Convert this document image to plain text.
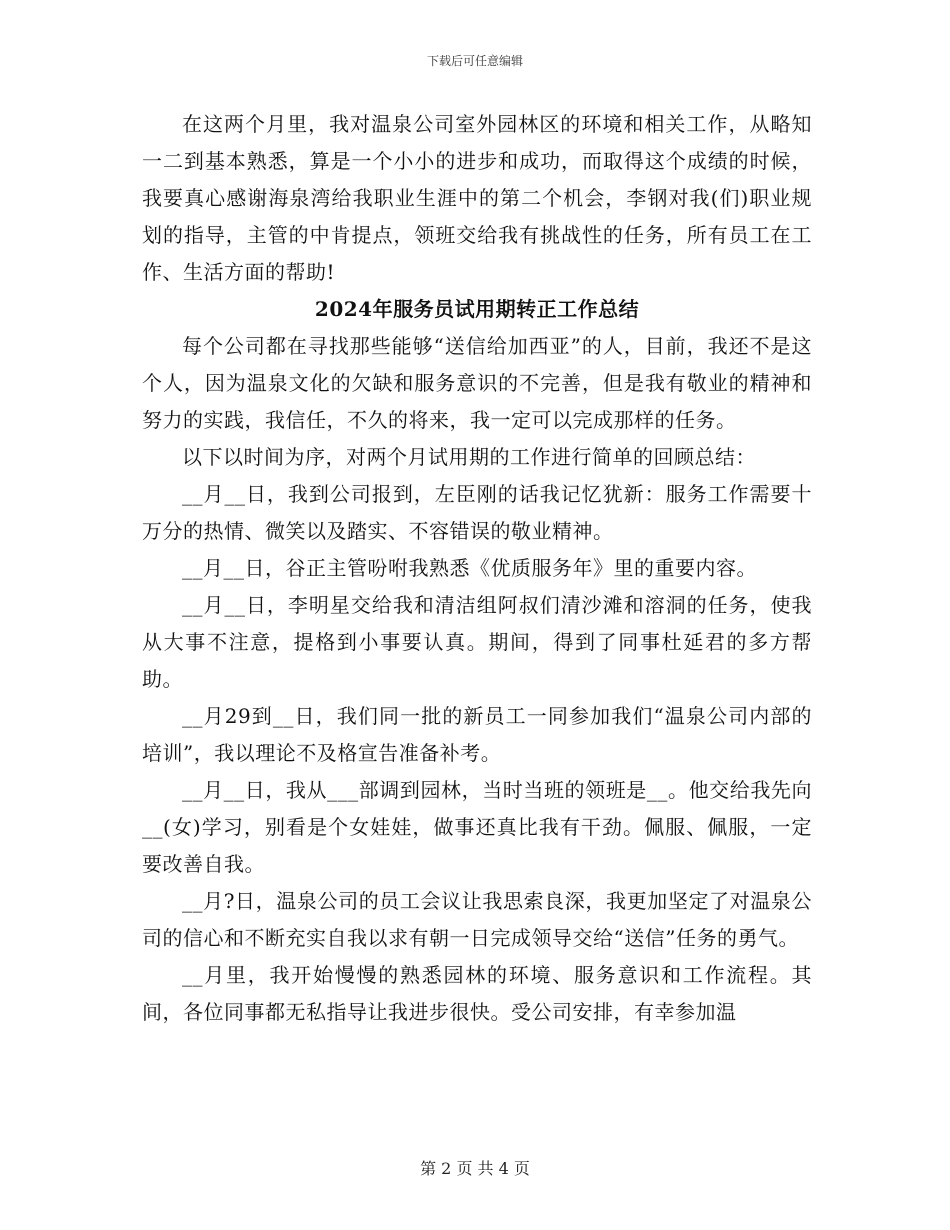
下载后可任意编辑

在这两个月里，我对温泉公司室外园林区的环境和相关工作，从略知一二到基本熟悉，算是一个小小的进步和成功，而取得这个成绩的时候，我要真心感谢海泉湾给我职业生涯中的第二个机会，李钢对我(们)职业规划的指导，主管的中肯提点，领班交给我有挑战性的任务，所有员工在工作、生活方面的帮助!

2024年服务员试用期转正工作总结

每个公司都在寻找那些能够“送信给加西亚”的人，目前，我还不是这个人，因为温泉文化的欠缺和服务意识的不完善，但是我有敬业的精神和努力的实践，我信任，不久的将来，我一定可以完成那样的任务。

以下以时间为序，对两个月试用期的工作进行简单的回顾总结：

__月__日，我到公司报到，左臣刚的话我记忆犹新：服务工作需要十万分的热情、微笑以及踏实、不容错误的敬业精神。

__月__日，谷正主管吩咐我熟悉《优质服务年》里的重要内容。

__月__日，李明星交给我和清洁组阿叔们清沙滩和溶洞的任务，使我从大事不注意，提格到小事要认真。期间，得到了同事杜延君的多方帮助。

__月29到__日，我们同一批的新员工一同参加我们“温泉公司内部的培训”，我以理论不及格宣告准备补考。

__月__日，我从___部调到园林，当时当班的领班是__。他交给我先向__(女)学习，别看是个女娃娃，做事还真比我有干劲。佩服、佩服，一定要改善自我。

__月?日，温泉公司的员工会议让我思索良深，我更加坚定了对温泉公司的信心和不断充实自我以求有朝一日完成领导交给“送信”任务的勇气。

__月里，我开始慢慢的熟悉园林的环境、服务意识和工作流程。其间，各位同事都无私指导让我进步很快。受公司安排，有幸参加温

第 2 页 共 4 页
